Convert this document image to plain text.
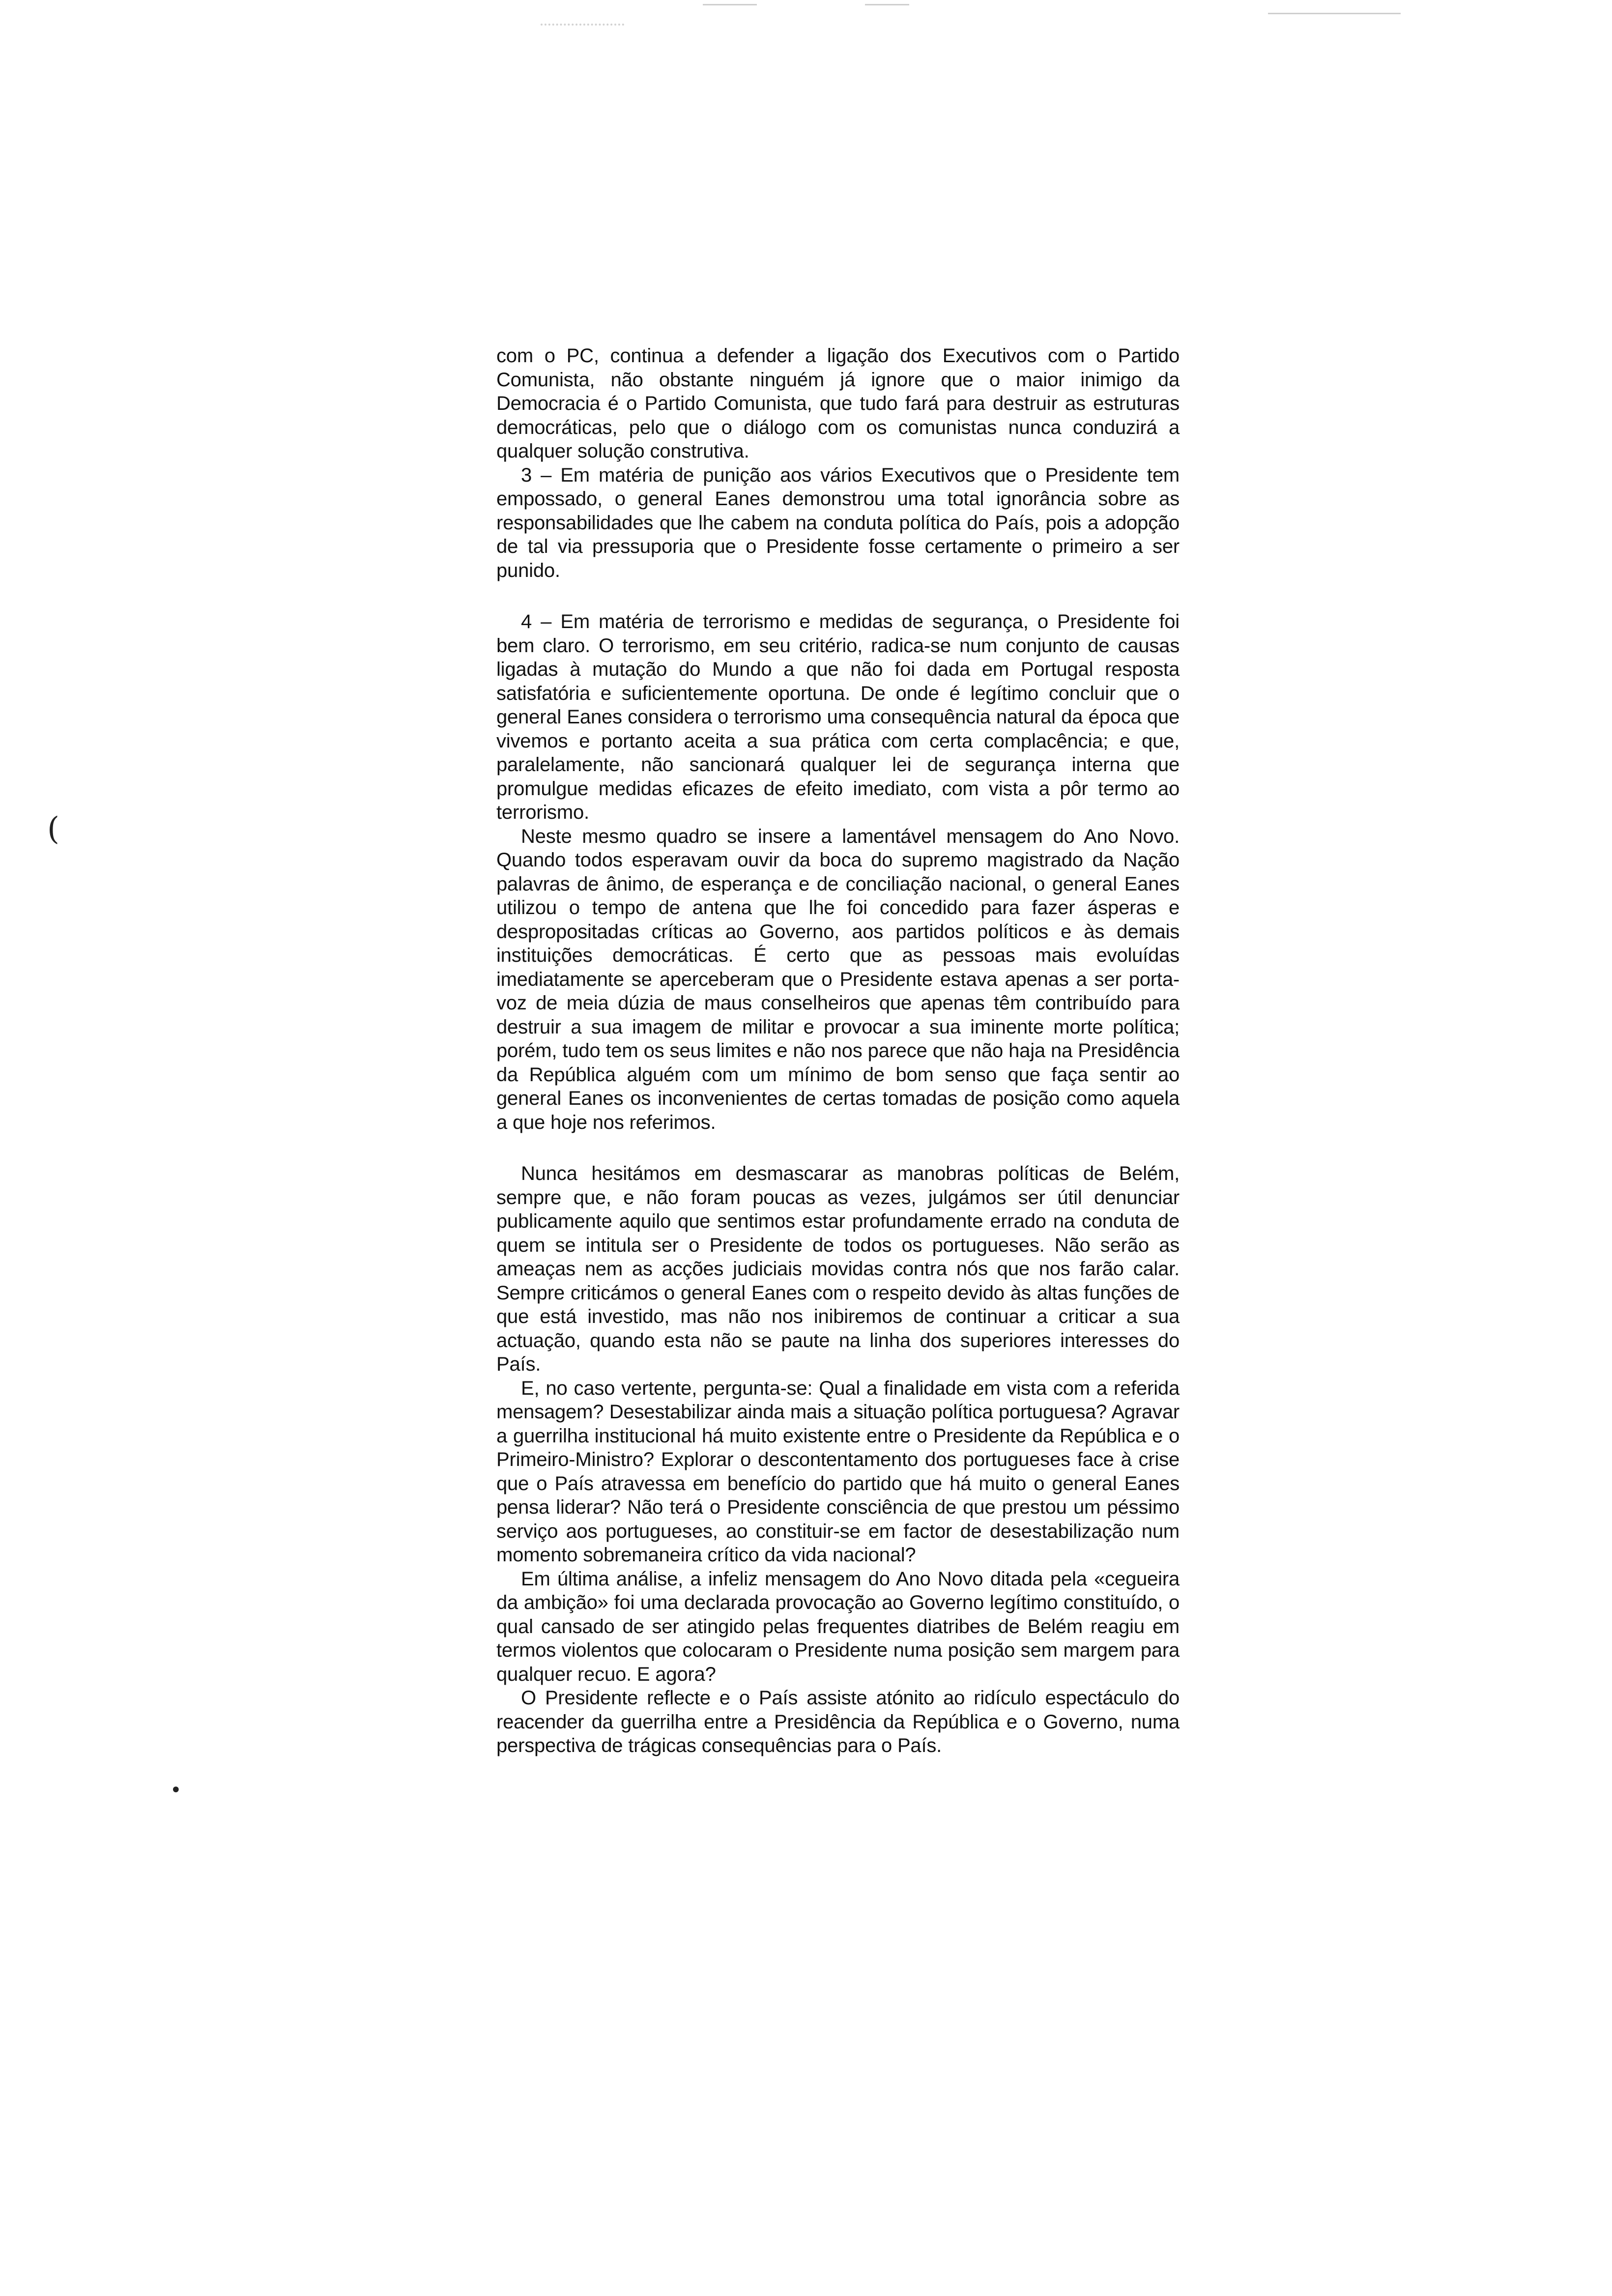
(
•

com o PC, continua a defender a ligação dos Executivos com o Partido Comunista, não obstante ninguém já ignore que o maior inimigo da Democracia é o Partido Comunista, que tudo fará para destruir as estruturas democráticas, pelo que o diálogo com os comunistas nunca conduzirá a qualquer solução construtiva.

3 – Em matéria de punição aos vários Executivos que o Presidente tem empossado, o general Eanes demonstrou uma total ignorância sobre as responsabilidades que lhe cabem na conduta política do País, pois a adopção de tal via pressuporia que o Presidente fosse certamente o primeiro a ser punido.

4 – Em matéria de terrorismo e medidas de segurança, o Presidente foi bem claro. O terrorismo, em seu critério, radica-se num conjunto de causas ligadas à mutação do Mundo a que não foi dada em Portugal resposta satisfatória e suficientemente oportuna. De onde é legítimo concluir que o general Eanes considera o terrorismo uma consequência natural da época que vivemos e portanto aceita a sua prática com certa complacência; e que, paralelamente, não sancionará qualquer lei de segurança interna que promulgue medidas eficazes de efeito imediato, com vista a pôr termo ao terrorismo.

Neste mesmo quadro se insere a lamentável mensagem do Ano Novo. Quando todos esperavam ouvir da boca do supremo magistrado da Nação palavras de ânimo, de esperança e de conciliação nacional, o general Eanes utilizou o tempo de antena que lhe foi concedido para fazer ásperas e despropositadas críticas ao Governo, aos partidos políticos e às demais instituições democráticas. É certo que as pessoas mais evoluídas imediatamente se aperceberam que o Presidente estava apenas a ser porta-voz de meia dúzia de maus conselheiros que apenas têm contribuído para destruir a sua imagem de militar e provocar a sua iminente morte política; porém, tudo tem os seus limites e não nos parece que não haja na Presidência da República alguém com um mínimo de bom senso que faça sentir ao general Eanes os inconvenientes de certas tomadas de posição como aquela a que hoje nos referimos.

Nunca hesitámos em desmascarar as manobras políticas de Belém, sempre que, e não foram poucas as vezes, julgámos ser útil denunciar publicamente aquilo que sentimos estar profundamente errado na conduta de quem se intitula ser o Presidente de todos os portugueses. Não serão as ameaças nem as acções judiciais movidas contra nós que nos farão calar. Sempre criticámos o general Eanes com o respeito devido às altas funções de que está investido, mas não nos inibiremos de continuar a criticar a sua actuação, quando esta não se paute na linha dos superiores interesses do País.

E, no caso vertente, pergunta-se: Qual a finalidade em vista com a referida mensagem? Desestabilizar ainda mais a situação política portuguesa? Agravar a guerrilha institucional há muito existente entre o Presidente da República e o Primeiro-Ministro? Explorar o descontentamento dos portugueses face à crise que o País atravessa em benefício do partido que há muito o general Eanes pensa liderar? Não terá o Presidente consciência de que prestou um péssimo serviço aos portugueses, ao constituir-se em factor de desestabilização num momento sobremaneira crítico da vida nacional?

Em última análise, a infeliz mensagem do Ano Novo ditada pela «cegueira da ambição» foi uma declarada provocação ao Governo legítimo constituído, o qual cansado de ser atingido pelas frequentes diatribes de Belém reagiu em termos violentos que colocaram o Presidente numa posição sem margem para qualquer recuo. E agora?

O Presidente reflecte e o País assiste atónito ao ridículo espectáculo do reacender da guerrilha entre a Presidência da República e o Governo, numa perspectiva de trágicas consequências para o País.
